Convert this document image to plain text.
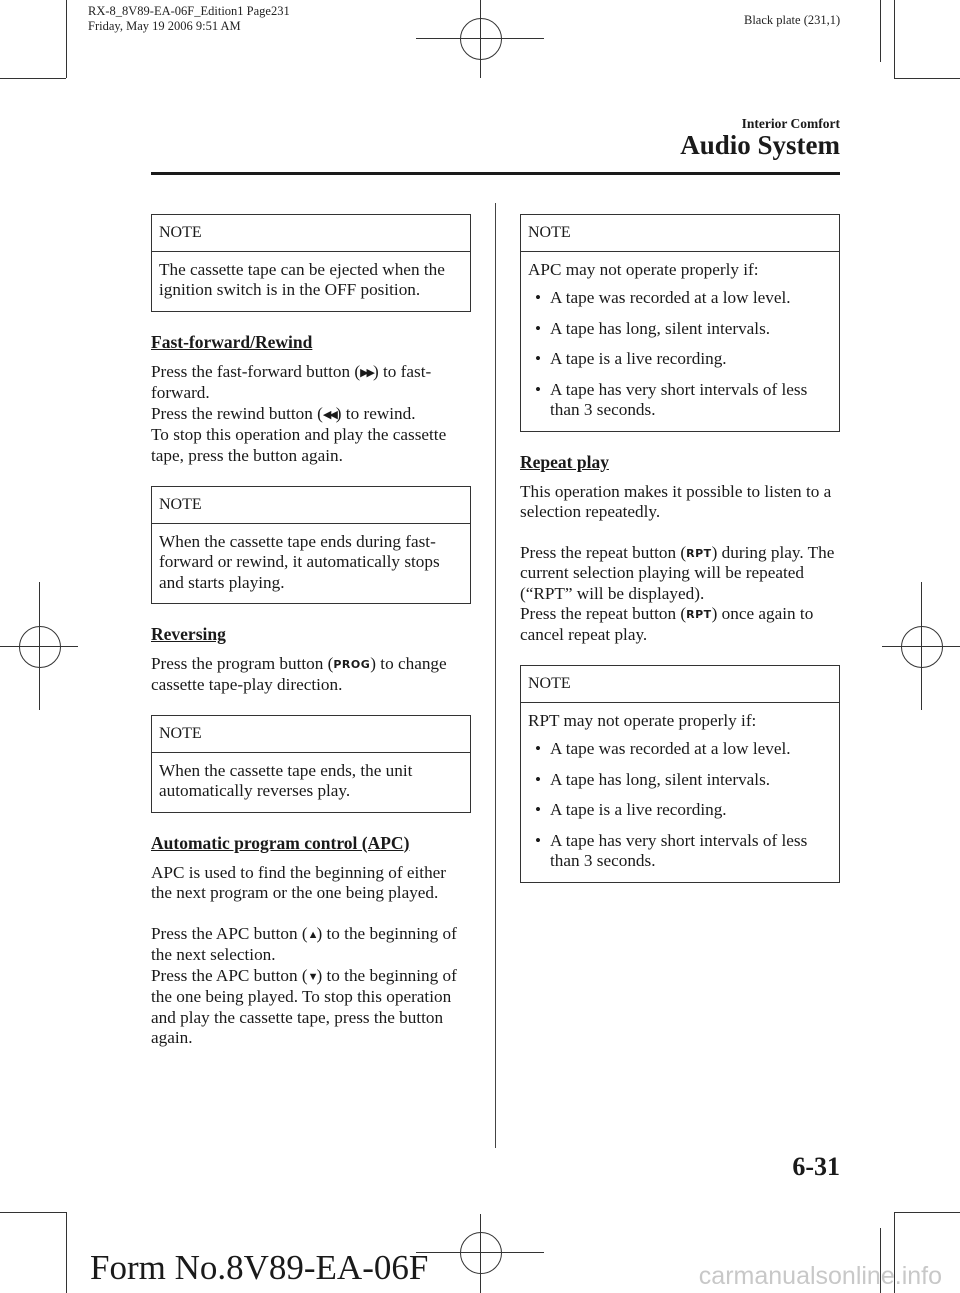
RX-8_8V89-EA-06F_Edition1 Page231
Friday, May 19 2006 9:51 AM	Black plate (231,1)
Interior Comfort
Audio System
NOTE
The cassette tape can be ejected when the ignition switch is in the OFF position.
Fast-forward/Rewind

Press the fast-forward button (▶▶) to fast-forward.
Press the rewind button (◀◀) to rewind.
To stop this operation and play the cassette tape, press the button again.

NOTE
When the cassette tape ends during fast-forward or rewind, it automatically stops and starts playing.
Reversing

Press the program button (PROG) to change cassette tape-play direction.

NOTE
When the cassette tape ends, the unit automatically reverses play.
Automatic program control (APC)

APC is used to find the beginning of either the next program or the one being played.

Press the APC button (▲) to the beginning of the next selection.
Press the APC button (▼) to the beginning of the one being played. To stop this operation and play the cassette tape, press the button again.

NOTE
APC may not operate properly if:
• A tape was recorded at a low level.
• A tape has long, silent intervals.
• A tape is a live recording.
• A tape has very short intervals of less than 3 seconds.
Repeat play

This operation makes it possible to listen to a selection repeatedly.

Press the repeat button (RPT) during play. The current selection playing will be repeated (“RPT” will be displayed).
Press the repeat button (RPT) once again to cancel repeat play.

NOTE
RPT may not operate properly if:
• A tape was recorded at a low level.
• A tape has long, silent intervals.
• A tape is a live recording.
• A tape has very short intervals of less than 3 seconds.
6-31
Form No.8V89-EA-06F	carmanualsonline.info
